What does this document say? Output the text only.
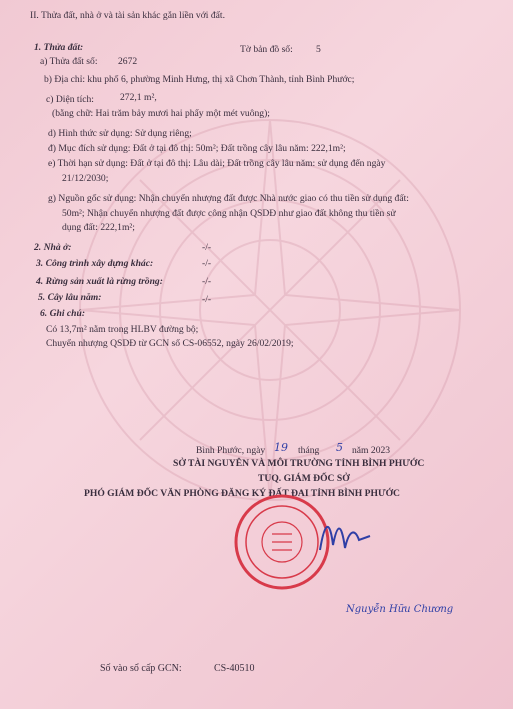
II. Thửa đất, nhà ở và tài sản khác gắn liền với đất.
1. Thửa đất:
a) Thửa đất số: 2672
Tờ bản đồ số: 5
b) Địa chỉ: khu phố 6, phường Minh Hưng, thị xã Chơn Thành, tỉnh Bình Phước;
c) Diện tích:	272,1 m²,
(bằng chữ: Hai trăm bảy mươi hai phẩy một mét vuông);
d) Hình thức sử dụng: Sử dụng riêng;
đ) Mục đích sử dụng: Đất ở tại đô thị: 50m²; Đất trồng cây lâu năm: 222,1m²;
e) Thời hạn sử dụng: Đất ở tại đô thị: Lâu dài; Đất trồng cây lâu năm: sử dụng đến ngày
21/12/2030;
g) Nguồn gốc sử dụng: Nhận chuyển nhượng đất được Nhà nước giao có thu tiền sử dụng đất:
50m²; Nhận chuyển nhượng đất được công nhận QSDĐ như giao đất không thu tiền sử
dụng đất: 222,1m²;
2. Nhà ở:	-/-
3. Công trình xây dựng khác:	-/-
4. Rừng sản xuất là rừng trồng:	-/-
5. Cây lâu năm:	-/-
6. Ghi chú:
Có 13,7m² nằm trong HLBV đường bộ;
Chuyển nhượng QSDĐ từ GCN số CS-06552, ngày 26/02/2019;
Bình Phước, ngày 19 tháng 5 năm 2023
SỞ TÀI NGUYÊN VÀ MÔI TRƯỜNG TỈNH BÌNH PHƯỚC
TUQ. GIÁM ĐỐC SỞ
PHÓ GIÁM ĐỐC VĂN PHÒNG ĐĂNG KÝ ĐẤT ĐAI TỈNH BÌNH PHƯỚC
Nguyễn Hữu Chương
Số vào sổ cấp GCN:	CS-40510
